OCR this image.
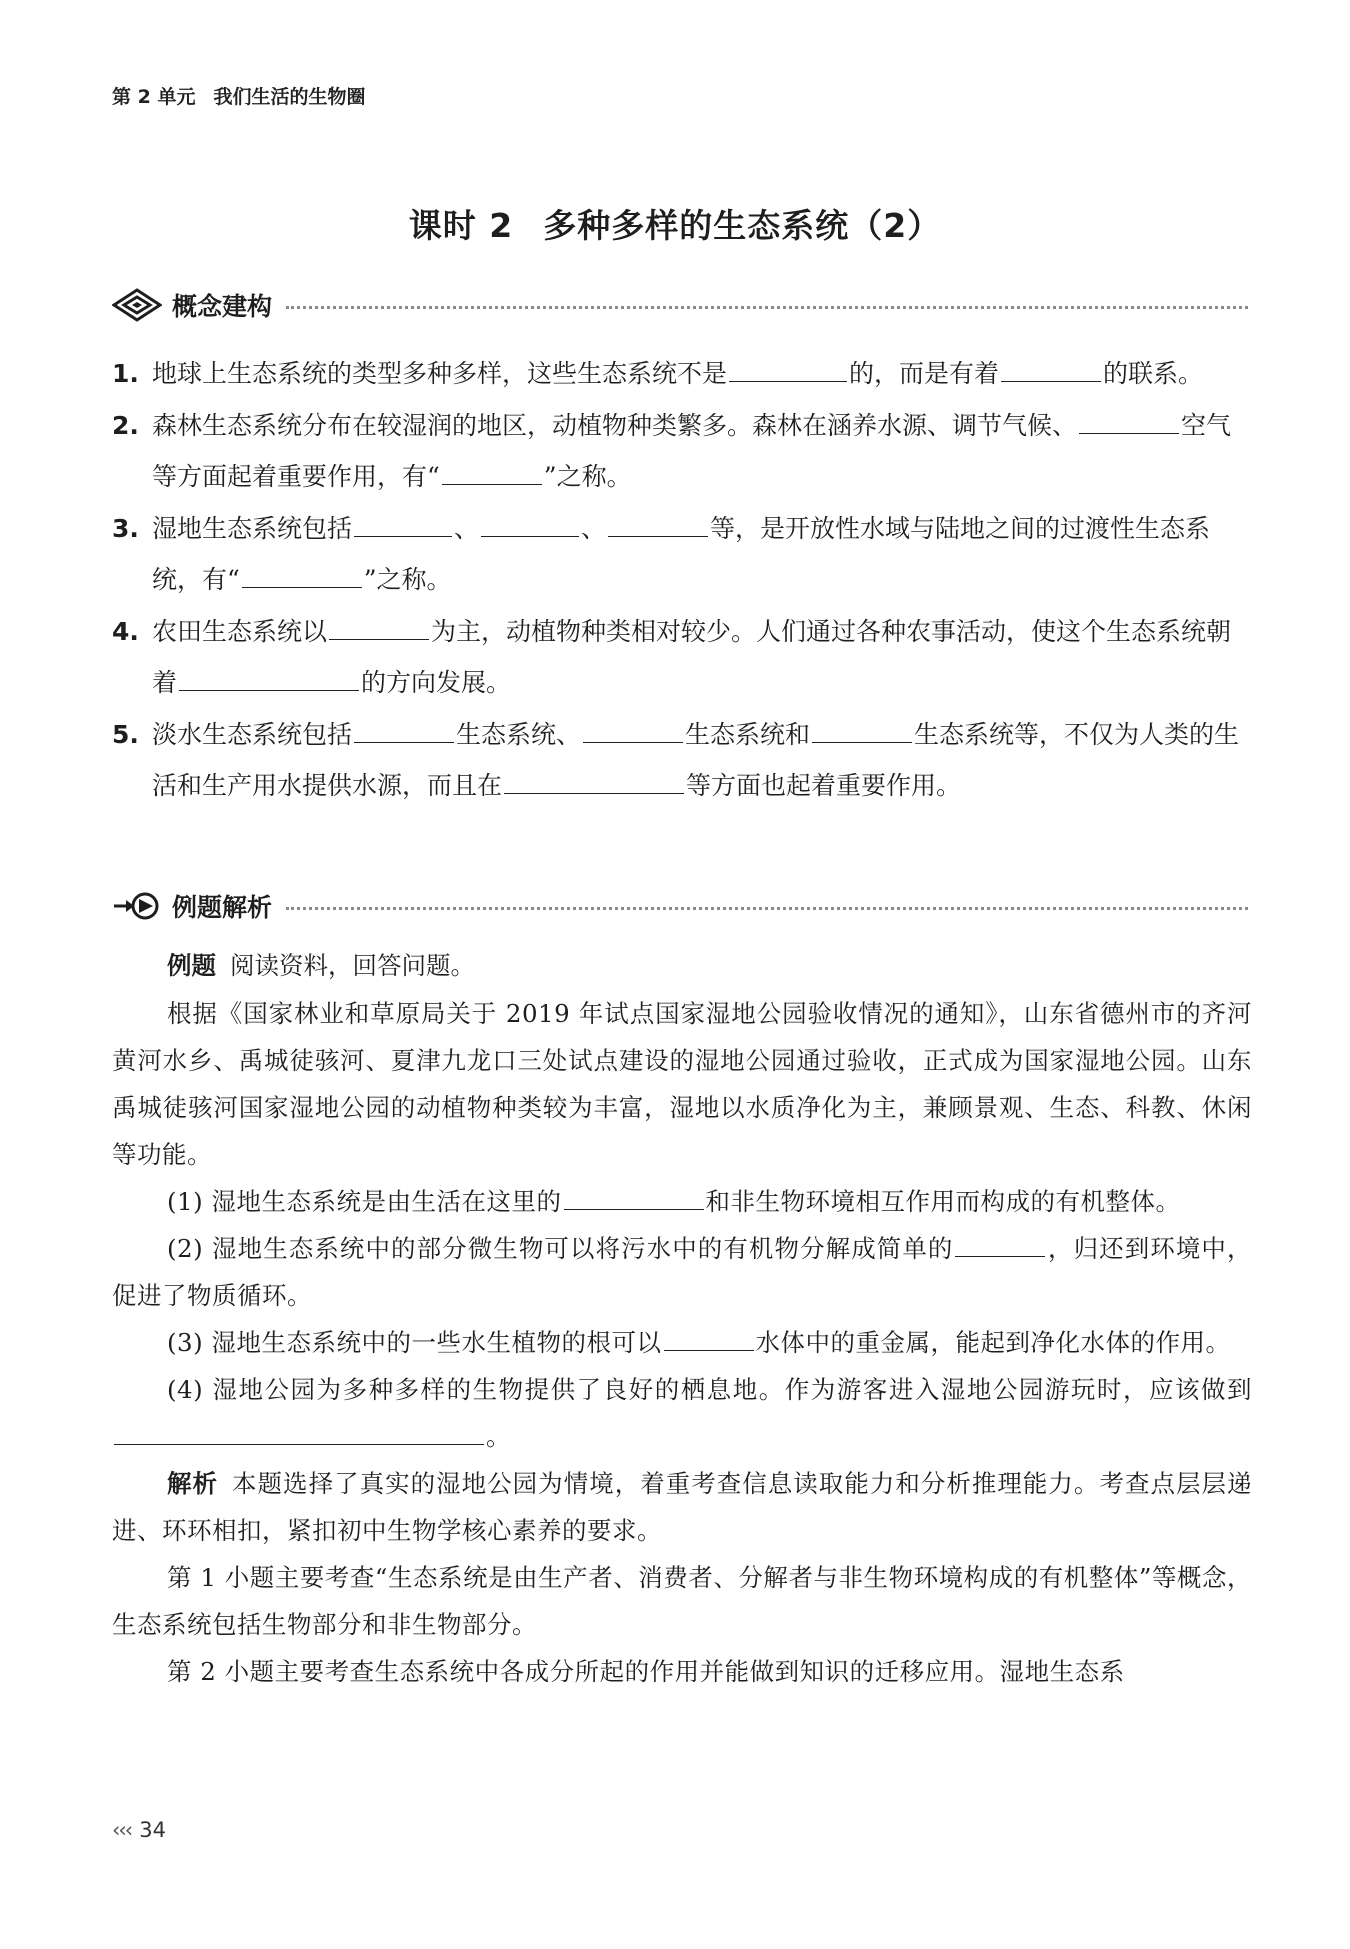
第 2 单元 我们生活的生物圈
课时 2 多种多样的生态系统（2）
概念建构
1. 地球上生态系统的类型多种多样，这些生态系统不是	的，而是有着	的联系。
2. 森林生态系统分布在较湿润的地区，动植物种类繁多。森林在涵养水源、调节气候、	空气等方面起着重要作用，有“	”之称。
3. 湿地生态系统包括	、	、	等，是开放性水域与陆地之间的过渡性生态系统，有“	”之称。
4. 农田生态系统以	为主，动植物种类相对较少。人们通过各种农事活动，使这个生态系统朝着	的方向发展。
5. 淡水生态系统包括	生态系统、	生态系统和	生态系统等，不仅为人类的生活和生产用水提供水源，而且在	等方面也起着重要作用。
例题解析
例题 阅读资料，回答问题。
根据《国家林业和草原局关于 2019 年试点国家湿地公园验收情况的通知》，山东省德州市的齐河黄河水乡、禹城徒骇河、夏津九龙口三处试点建设的湿地公园通过验收，正式成为国家湿地公园。山东禹城徒骇河国家湿地公园的动植物种类较为丰富，湿地以水质净化为主，兼顾景观、生态、科教、休闲等功能。
(1) 湿地生态系统是由生活在这里的	和非生物环境相互作用而构成的有机整体。
(2) 湿地生态系统中的部分微生物可以将污水中的有机物分解成简单的	，归还到环境中，促进了物质循环。
(3) 湿地生态系统中的一些水生植物的根可以	水体中的重金属，能起到净化水体的作用。
(4) 湿地公园为多种多样的生物提供了良好的栖息地。作为游客进入湿地公园游玩时，应该做到。
解析 本题选择了真实的湿地公园为情境，着重考查信息读取能力和分析推理能力。考查点层层递进、环环相扣，紧扣初中生物学核心素养的要求。
第 1 小题主要考查“生态系统是由生产者、消费者、分解者与非生物环境构成的有机整体”等概念，生态系统包括生物部分和非生物部分。
第 2 小题主要考查生态系统中各成分所起的作用并能做到知识的迁移应用。湿地生态系
‹‹‹ 34
